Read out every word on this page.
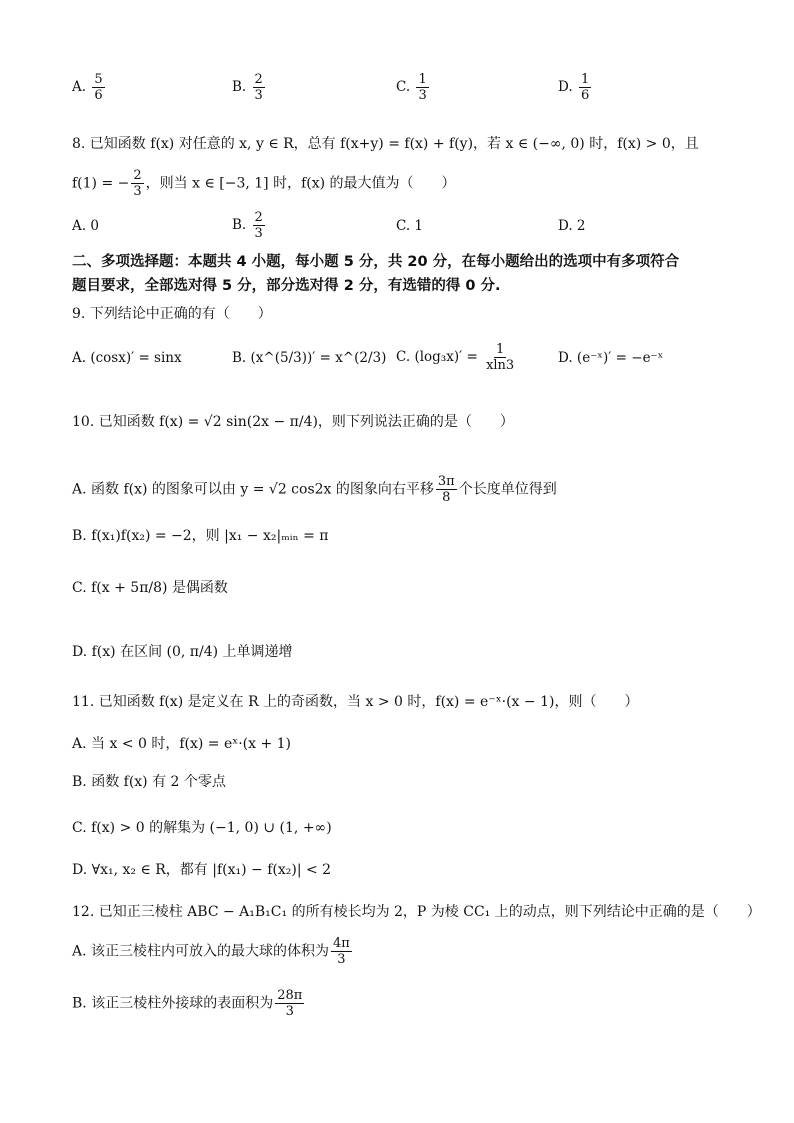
A. $\frac{5}{6}$	B. $\frac{2}{3}$	C. $\frac{1}{3}$	D. $\frac{1}{6}$
8. 已知函数 f(x) 对任意的 x, y ∈ R，总有 f(x+y) = f(x) + f(y)，若 x ∈ (−∞, 0) 时，f(x) > 0，且
f(1) = − $\frac{2}{3}$ ，则当 x ∈ [−3, 1] 时，f(x) 的最大值为（　　）
A. 0	B. $\frac{2}{3}$	C. 1	D. 2
二、多项选择题：本题共 4 小题，每小题 5 分，共 20 分，在每小题给出的选项中有多项符合
题目要求，全部选对得 5 分，部分选对得 2 分，有选错的得 0 分.
9. 下列结论中正确的有（　　）
A. (cosx)′ = sinx	B. (x^(5/3))′ = x^(2/3) C. $(\log_3x)' = \frac{1}{xln3}$	D. (e⁻ˣ)′ = −e⁻ˣ
10. 已知函数 f(x) = √2 sin(2x − π/4)，则下列说法正确的是（　　）
A. 函数 f(x) 的图象可以由 y = √2 cos2x 的图象向右平移 $\frac{3\pi}{8}$ 个长度单位得到
B. f(x₁)f(x₂) = −2，则 |x₁ − x₂|ₘᵢₙ = π
C. f(x + 5π/8) 是偶函数
D. f(x) 在区间 (0, π/4) 上单调递增
11. 已知函数 f(x) 是定义在 R 上的奇函数，当 x > 0 时，f(x) = e⁻ˣ·(x − 1)，则（　　）
A. 当 x < 0 时，f(x) = eˣ·(x + 1)
B. 函数 f(x) 有 2 个零点
C. f(x) > 0 的解集为 (−1, 0) ∪ (1, +∞)
D. ∀x₁, x₂ ∈ R，都有 |f(x₁) − f(x₂)| < 2
12. 已知正三棱柱 ABC − A₁B₁C₁ 的所有棱长均为 2，P 为棱 CC₁ 上的动点，则下列结论中正确的是（　　）
A. 该正三棱柱内可放入的最大球的体积为 $\frac{4\pi}{3}$
B. 该正三棱柱外接球的表面积为 $\frac{28\pi}{3}$
